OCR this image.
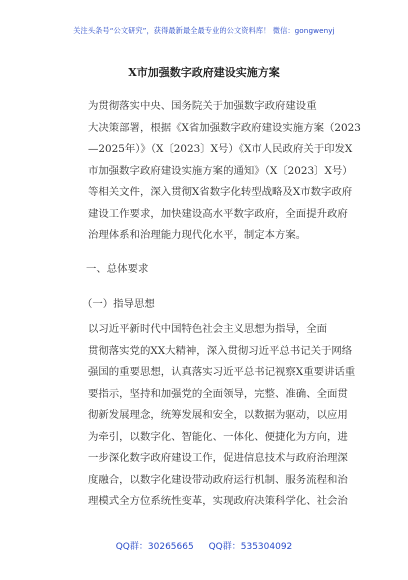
关注头条号“公文研究”，获得最新最全最专业的公文资料库！ 微信：gongwenyj
X市加强数字政府建设实施方案
为贯彻落实中央、国务院关于加强数字政府建设重
大决策部署，根据《X省加强数字政府建设实施方案（2023
—2025年）》（X〔2023〕X号）《X市人民政府关于印发X
市加强数字政府建设实施方案的通知》（X〔2023〕X号）
等相关文件，深入贯彻X省数字化转型战略及X市数字政府
建设工作要求，加快建设高水平数字政府，全面提升政府
治理体系和治理能力现代化水平，制定本方案。
一、总体要求
（一）指导思想
以习近平新时代中国特色社会主义思想为指导，全面
贯彻落实党的XX大精神，深入贯彻习近平总书记关于网络
强国的重要思想，认真落实习近平总书记视察X重要讲话重
要指示，坚持和加强党的全面领导，完整、准确、全面贯
彻新发展理念，统筹发展和安全，以数据为驱动，以应用
为牵引，以数字化、智能化、一体化、便捷化为方向，进
一步深化数字政府建设工作，促进信息技术与政府治理深
度融合，以数字化建设带动政府运行机制、服务流程和治
理模式全方位系统性变革，实现政府决策科学化、社会治
QQ群：30265665 QQ群：535304092
